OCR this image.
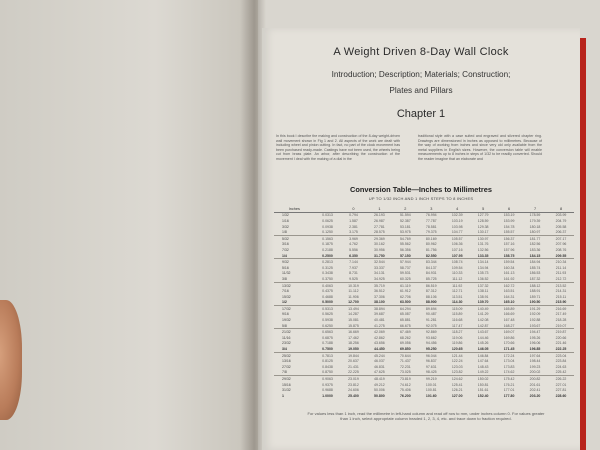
A Weight Driven 8-Day Wall Clock
Introduction; Description; Materials; Construction;
Plates and Pillars
Chapter 1
In this book I describe the making and construction of the 8-day weight-driven wall movement shown in Fig 1 and 2. All aspects of the work are dealt with including wheel and pinion cutting. In fact, no part of the clock movement has been purchased ready-made. Castings have not been used, the wheels being cut from brass plate. An arbor, after describing the construction of the movement I deal with the making of a dial in the
traditional style with a case suited and engraved and silvered chapter ring. Drawings are dimensioned in inches as opposed to millimetres. Because of the way of working from inches and since very old only available from the metal suppliers in English sizes. However, the conversion table will enable measurements up to 8 inches in steps of 1/32 to be readily converted. Should the reader imagine that an elaborate and
Conversion Table—Inches to Millimetres
UP TO 1/32 INCH AND 1 INCH STEPS TO 8 INCHES
Inches		0	1	2	3	4	5	6	7	8
1/32	0.0313	0.794	26.193	51.594	76.994	102.39	127.79	153.19	178.59	203.99
1/16	0.0625	1.587	26.987	52.387	77.787	103.19	128.59	153.99	179.39	204.79
3/32	0.0938	2.381	27.781	53.181	78.581	103.98	129.38	154.78	180.18	205.58
1/8	0.1250	3.175	28.575	53.975	79.375	104.77	130.17	155.57	180.97	206.37
5/32	0.1563	3.969	29.369	54.769	80.169	105.57	130.97	156.37	181.77	207.17
3/16	0.1875	4.762	30.162	55.562	80.962	106.36	131.76	157.16	182.56	207.96
7/32	0.2188	5.556	30.956	56.356	81.756	107.16	132.56	157.96	183.36	208.76
1/4	0.2500	6.350	31.750	57.150	82.550	107.95	133.35	158.75	184.15	209.55
9/32	0.2813	7.144	32.544	57.944	83.344	108.74	134.14	159.54	184.94	210.34
5/16	0.3125	7.937	33.337	58.737	84.137	109.54	134.94	160.34	185.74	211.14
11/32	0.3438	8.731	34.131	59.531	84.931	110.33	135.73	161.13	186.53	211.93
3/8	0.3750	9.525	34.925	60.325	85.725	111.12	136.52	161.92	187.32	212.72
13/32	0.4063	10.319	35.719	61.119	86.519	111.92	137.32	162.72	188.12	213.52
7/16	0.4375	11.112	36.512	61.912	87.312	112.71	138.11	163.51	188.91	214.31
15/32	0.4688	11.906	37.306	62.706	88.106	113.51	138.91	164.31	189.71	215.11
1/2	0.5000	12.700	38.100	63.500	88.900	114.30	139.70	165.10	190.50	215.90
17/32	0.5313	13.494	38.894	64.294	89.694	115.09	140.49	165.89	191.29	216.69
9/16	0.5625	14.287	39.687	65.087	90.487	115.89	141.29	166.69	192.09	217.49
19/32	0.5938	15.081	40.481	65.881	91.281	116.68	142.08	167.48	192.88	218.28
5/8	0.6250	15.875	41.275	66.675	92.075	117.47	142.87	168.27	193.67	219.07
21/32	0.6563	16.669	42.069	67.469	92.869	118.27	143.67	169.07	194.47	219.87
11/16	0.6875	17.462	42.862	68.262	93.662	119.06	144.46	169.86	195.26	220.66
23/32	0.7188	18.256	43.656	69.056	94.456	119.86	145.26	170.66	196.06	221.46
3/4	0.7500	19.050	44.450	69.850	95.250	120.65	146.05	171.45	196.85	222.25
25/32	0.7813	19.844	45.244	70.644	96.044	121.44	146.84	172.24	197.64	223.04
13/16	0.8125	20.637	46.037	71.437	96.837	122.24	147.64	173.04	198.44	223.84
27/32	0.8438	21.431	46.831	72.231	97.631	123.03	148.43	173.83	199.23	224.63
7/8	0.8750	22.225	47.625	73.025	98.425	123.82	149.22	174.62	200.02	225.42
29/32	0.9063	23.019	48.419	73.819	99.219	124.62	150.02	175.42	200.82	226.22
15/16	0.9375	23.812	49.212	74.612	100.01	125.41	150.81	176.21	201.61	227.01
31/32	0.9688	24.606	50.006	75.406	100.81	126.21	151.61	177.01	202.41	227.81
1	1.0000	25.400	50.800	76.200	101.60	127.00	152.40	177.80	203.20	228.60
For values less than 1 inch, read the millimetre in left-hand column and read off row to mm, under inches column 0. For values greater than 1 inch, select appropriate column headed 1, 2, 3, 4, etc. and trace down to fraction required.
